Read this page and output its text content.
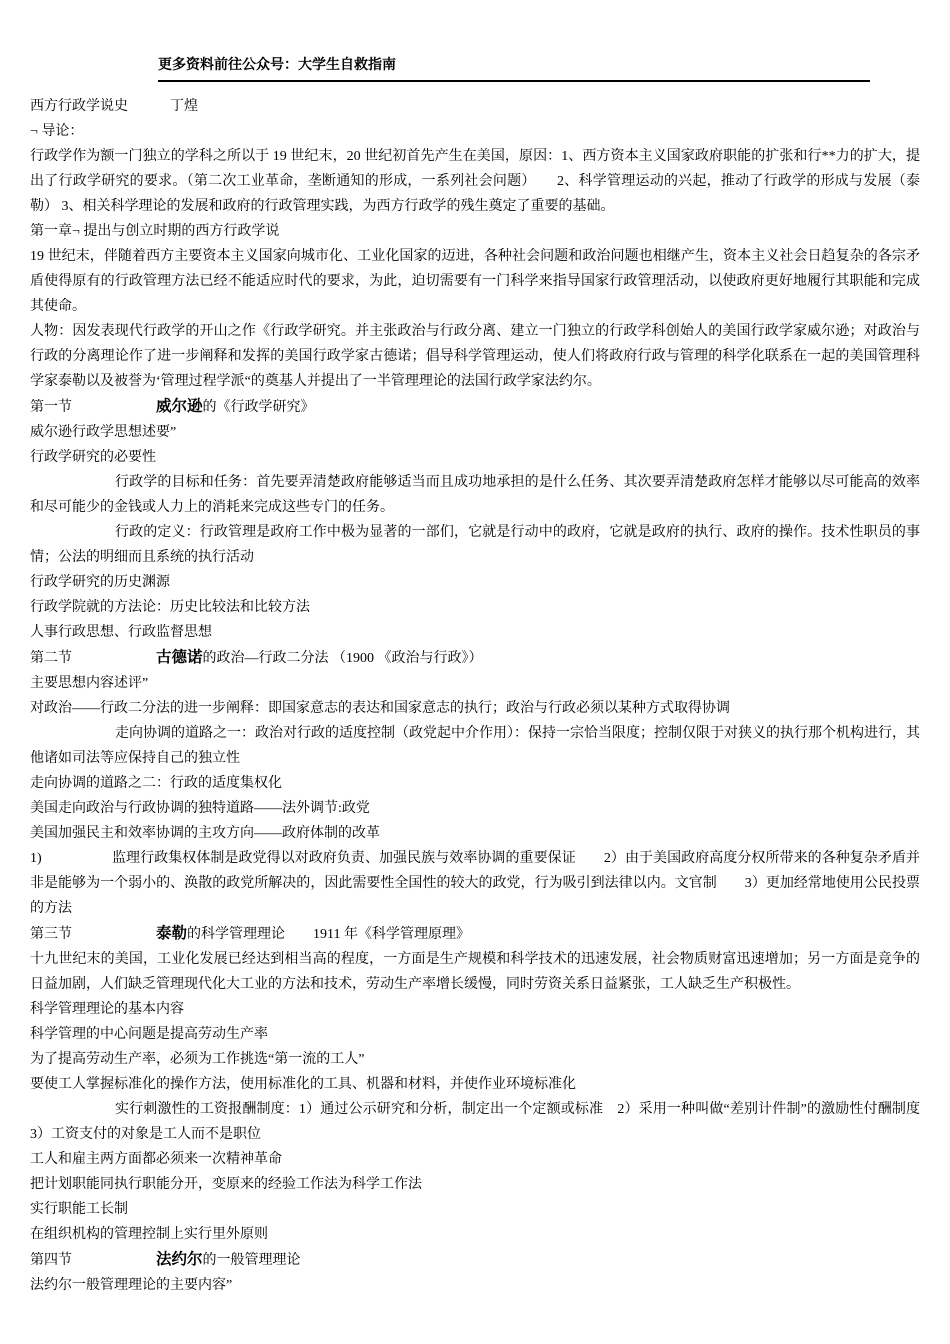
更多资料前往公众号：大学生自救指南

西方行政学说史　　　	丁煌

¬ 导论：

行政学作为额一门独立的学科之所以于 19 世纪末，20 世纪初首先产生在美国，原因：1、西方资本主义国家政府职能的扩张和行**力的扩大，提出了行政学研究的要求。（第二次工业革命，垄断通知的形成，一系列社会问题）　　2、科学管理运动的兴起，推动了行政学的形成与发展（泰勒） 3、相关科学理论的发展和政府的行政管理实践，为西方行政学的残生奠定了重要的基础。

第一章¬ 提出与创立时期的西方行政学说

19 世纪末，伴随着西方主要资本主义国家向城市化、工业化国家的迈进，各种社会问题和政治问题也相继产生，资本主义社会日趋复杂的各宗矛盾使得原有的行政管理方法已经不能适应时代的要求，为此，迫切需要有一门科学来指导国家行政管理活动，以使政府更好地履行其职能和完成其使命。

人物：因发表现代行政学的开山之作《行政学研究。并主张政治与行政分离、建立一门独立的行政学科创始人的美国行政学家威尔逊；对政治与行政的分离理论作了进一步阐释和发挥的美国行政学家古德诺；倡导科学管理运动，使人们将政府行政与管理的科学化联系在一起的美国管理科学家泰勒以及被誉为‘管理过程学派“的奠基人并提出了一半管理理论的法国行政学家法约尔。

第一节　　　　　　	威尔逊的《行政学研究》

威尔逊行政学思想述要”

行政学研究的必要性

行政学的目标和任务：首先要弄清楚政府能够适当而且成功地承担的是什么任务、其次要弄清楚政府怎样才能够以尽可能高的效率和尽可能少的金钱或人力上的消耗来完成这些专门的任务。

行政的定义：行政管理是政府工作中极为显著的一部们，它就是行动中的政府，它就是政府的执行、政府的操作。技术性职员的事情；公法的明细而且系统的执行活动

行政学研究的历史渊源

行政学院就的方法论：历史比较法和比较方法

人事行政思想、行政监督思想

第二节　　　　　　	古德诺的政治—行政二分法 （1900 《政治与行政》）

主要思想内容述评”

对政治——行政二分法的进一步阐释：即国家意志的表达和国家意志的执行；政治与行政必须以某种方式取得协调

走向协调的道路之一：政治对行政的适度控制（政党起中介作用）：保持一宗恰当限度；控制仅限于对狭义的执行那个机构进行，其他诸如司法等应保持自己的独立性

走向协调的道路之二：行政的适度集权化

美国走向政治与行政协调的独特道路——法外调节:政党

美国加强民主和效率协调的主攻方向——政府体制的改革

1)　　　　　	监理行政集权体制是政党得以对政府负责、加强民族与效率协调的重要保证　　2）由于美国政府高度分权所带来的各种复杂矛盾并非是能够为一个弱小的、涣散的政党所解决的，因此需要性全国性的较大的政党，行为吸引到法律以内。文官制　　3）更加经常地使用公民投票的方法

第三节　　　　　　	泰勒的科学管理理论　　 1911 年《科学管理原理》

十九世纪末的美国，工业化发展已经达到相当高的程度，一方面是生产规模和科学技术的迅速发展，社会物质财富迅速增加；另一方面是竞争的日益加剧，人们缺乏管理现代化大工业的方法和技术，劳动生产率增长缓慢，同时劳资关系日益紧张，工人缺乏生产积极性。

科学管理理论的基本内容

科学管理的中心问题是提高劳动生产率

为了提高劳动生产率，必须为工作挑选“第一流的工人”

要使工人掌握标准化的操作方法，使用标准化的工具、机器和材料，并使作业环境标准化

实行刺激性的工资报酬制度：1）通过公示研究和分析，制定出一个定额或标准　2）采用一种叫做“差别计件制”的激励性付酬制度　3）工资支付的对象是工人而不是职位

工人和雇主两方面都必须来一次精神革命

把计划职能同执行职能分开，变原来的经验工作法为科学工作法

实行职能工长制

在组织机构的管理控制上实行里外原则

第四节　　　　　　	法约尔的一般管理理论

法约尔一般管理理论的主要内容”
